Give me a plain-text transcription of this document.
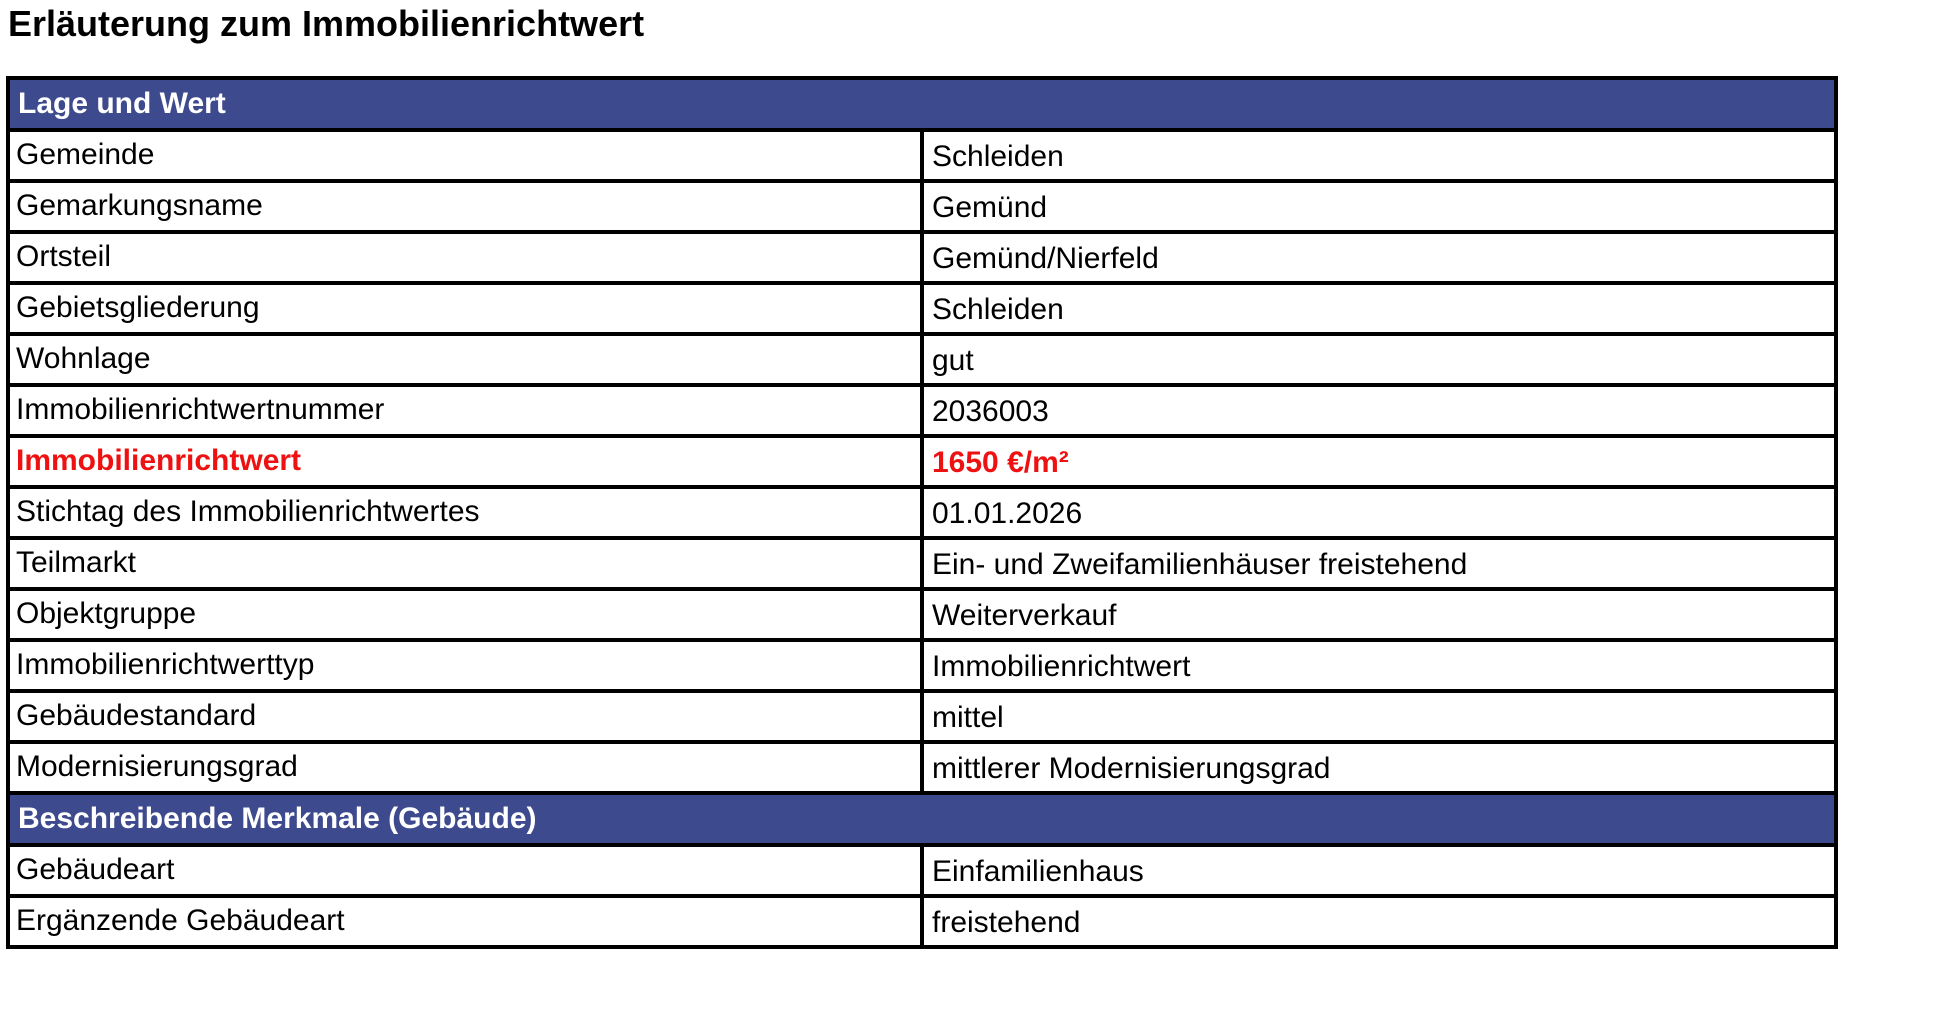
Erläuterung zum Immobilienrichtwert
Lage und Wert	
Gemeinde	Schleiden
Gemarkungsname	Gemünd
Ortsteil	Gemünd/Nierfeld
Gebietsgliederung	Schleiden
Wohnlage	gut
Immobilienrichtwertnummer	2036003
Immobilienrichtwert	1650 €/m²
Stichtag des Immobilienrichtwertes	01.01.2026
Teilmarkt	Ein- und Zweifamilienhäuser freistehend
Objektgruppe	Weiterverkauf
Immobilienrichtwerttyp	Immobilienrichtwert
Gebäudestandard	mittel
Modernisierungsgrad	mittlerer Modernisierungsgrad
Beschreibende Merkmale (Gebäude)	
Gebäudeart	Einfamilienhaus
Ergänzende Gebäudeart	freistehend
